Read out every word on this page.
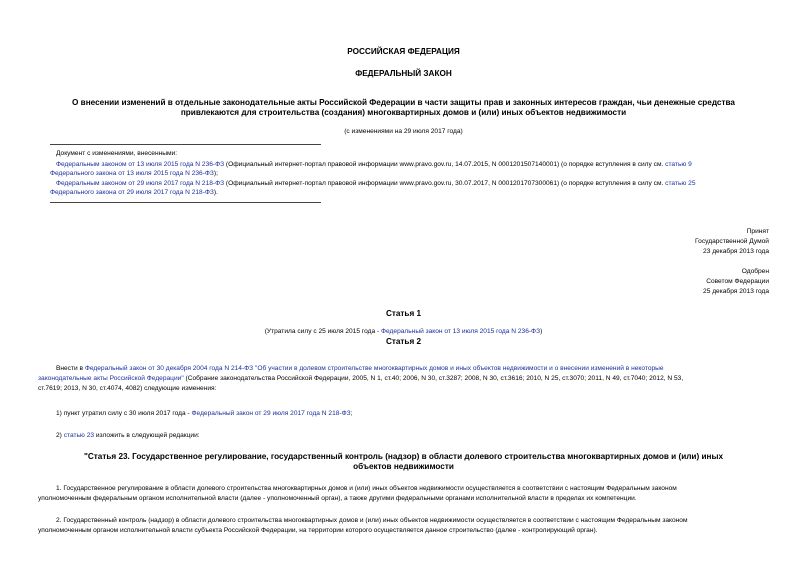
РОССИЙСКАЯ ФЕДЕРАЦИЯ
ФЕДЕРАЛЬНЫЙ ЗАКОН
О внесении изменений в отдельные законодательные акты Российской Федерации в части защиты прав и законных интересов граждан, чьи денежные средства
привлекаются для строительства (создания) многоквартирных домов и (или) иных объектов недвижимости
(с изменениями на 29 июля 2017 года)
Документ с изменениями, внесенными:
Федеральным законом от 13 июля 2015 года N 236-ФЗ (Официальный интернет-портал правовой информации www.pravo.gov.ru, 14.07.2015, N 0001201507140001) (о порядке вступления в силу см. статью 9
Федерального закона от 13 июля 2015 года N 236-ФЗ);
Федеральным законом от 29 июля 2017 года N 218-ФЗ (Официальный интернет-портал правовой информации www.pravo.gov.ru, 30.07.2017, N 0001201707300061) (о порядке вступления в силу см. статью 25
Федерального закона от 29 июля 2017 года N 218-ФЗ).
Принят
Государственной Думой
23 декабря 2013 года
Одобрен
Советом Федерации
25 декабря 2013 года
Статья 1
(Утратила силу с 25 июля 2015 года - Федеральный закон от 13 июля 2015 года N 236-ФЗ)
Статья 2
Внести в Федеральный закон от 30 декабря 2004 года N 214-ФЗ "Об участии в долевом строительстве многоквартирных домов и иных объектов недвижимости и о внесении изменений в некоторые
законодательные акты Российской Федерации" (Собрание законодательства Российской Федерации, 2005, N 1, ст.40; 2006, N 30, ст.3287; 2008, N 30, ст.3616; 2010, N 25, ст.3070; 2011, N 49, ст.7040; 2012, N 53,
ст.7619; 2013, N 30, ст.4074, 4082) следующие изменения:
1) пункт утратил силу с 30 июля 2017 года - Федеральный закон от 29 июля 2017 года N 218-ФЗ;
2) статью 23 изложить в следующей редакции:
"Статья 23. Государственное регулирование, государственный контроль (надзор) в области долевого строительства многоквартирных домов и (или) иных
объектов недвижимости
1. Государственное регулирование в области долевого строительства многоквартирных домов и (или) иных объектов недвижимости осуществляется в соответствии с настоящим Федеральным законом
уполномоченным федеральным органом исполнительной власти (далее - уполномоченный орган), а также другими федеральными органами исполнительной власти в пределах их компетенции.
2. Государственный контроль (надзор) в области долевого строительства многоквартирных домов и (или) иных объектов недвижимости осуществляется в соответствии с настоящим Федеральным законом
уполномоченным органом исполнительной власти субъекта Российской Федерации, на территории которого осуществляется данное строительство (далее - контролирующий орган).
